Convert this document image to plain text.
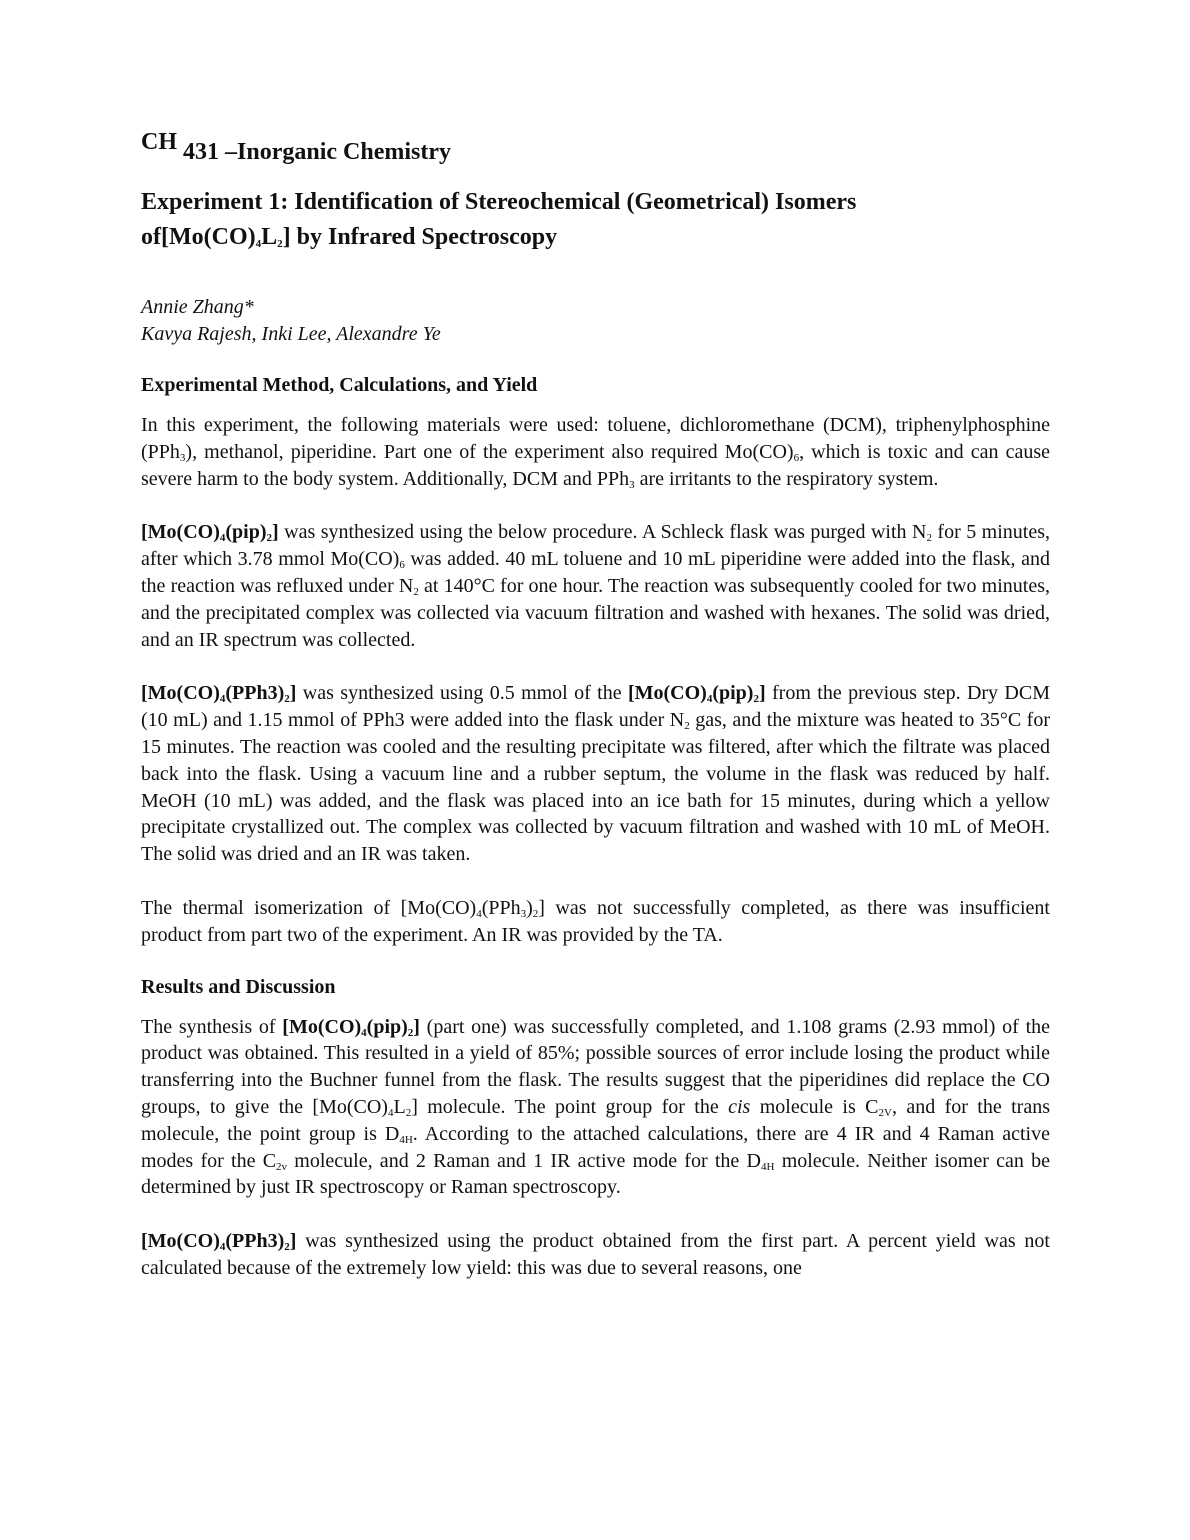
CH 431 –Inorganic Chemistry
Experiment 1: Identification of Stereochemical (Geometrical) Isomers
$of[Mo(CO)_4L_2]$ by Infrared Spectroscopy
Annie Zhang*
Kavya Rajesh, Inki Lee, Alexandre Ye
Experimental Method, Calculations, and Yield

In this experiment, the following materials were used: toluene, dichloromethane (DCM), triphenylphosphine (PPh$_3$), methanol, piperidine. Part one of the experiment also required $Mo(CO)_6$, which is toxic and can cause severe harm to the body system. Additionally, DCM and PPh$_3$ are irritants to the respiratory system.

$[Mo(CO)_4(pip)_2]$ was synthesized using the below procedure. A Schleck flask was purged with $N_2$ for 5 minutes, after which 3.78 mmol $Mo(CO)_6$ was added. 40 mL toluene and 10 mL piperidine were added into the flask, and the reaction was refluxed under $N_2$ at 140°C for one hour. The reaction was subsequently cooled for two minutes, and the precipitated complex was collected via vacuum filtration and washed with hexanes. The solid was dried, and an IR spectrum was collected.

$[Mo(CO)_4(PPh3)_2]$ was synthesized using 0.5 mmol of the $[Mo(CO)_4(pip)_2]$ from the previous step. Dry DCM (10 mL) and 1.15 mmol of PPh3 were added into the flask under $N_2$ gas, and the mixture was heated to 35°C for 15 minutes. The reaction was cooled and the resulting precipitate was filtered, after which the filtrate was placed back into the flask. Using a vacuum line and a rubber septum, the volume in the flask was reduced by half. MeOH (10 mL) was added, and the flask was placed into an ice bath for 15 minutes, during which a yellow precipitate crystallized out. The complex was collected by vacuum filtration and washed with 10 mL of MeOH. The solid was dried and an IR was taken.

The thermal isomerization of $[Mo(CO)_4(PPh_3)_2]$ was not successfully completed, as there was insufficient product from part two of the experiment. An IR was provided by the TA.

Results and Discussion

The synthesis of $[Mo(CO)_4(pip)_2]$ (part one) was successfully completed, and 1.108 grams (2.93 mmol) of the product was obtained. This resulted in a yield of 85%; possible sources of error include losing the product while transferring into the Buchner funnel from the flask. The results suggest that the piperidines did replace the CO groups, to give the $[Mo(CO)_4L_2]$ molecule. The point group for the cis molecule is $C_{2V}$, and for the trans molecule, the point group is $D_{4H}$. According to the attached calculations, there are 4 IR and 4 Raman active modes for the $C_{2v}$ molecule, and 2 Raman and 1 IR active mode for the $D_{4H}$ molecule. Neither isomer can be determined by just IR spectroscopy or Raman spectroscopy.

$[Mo(CO)_4(PPh3)_2]$ was synthesized using the product obtained from the first part. A percent yield was not calculated because of the extremely low yield: this was due to several reasons, one
